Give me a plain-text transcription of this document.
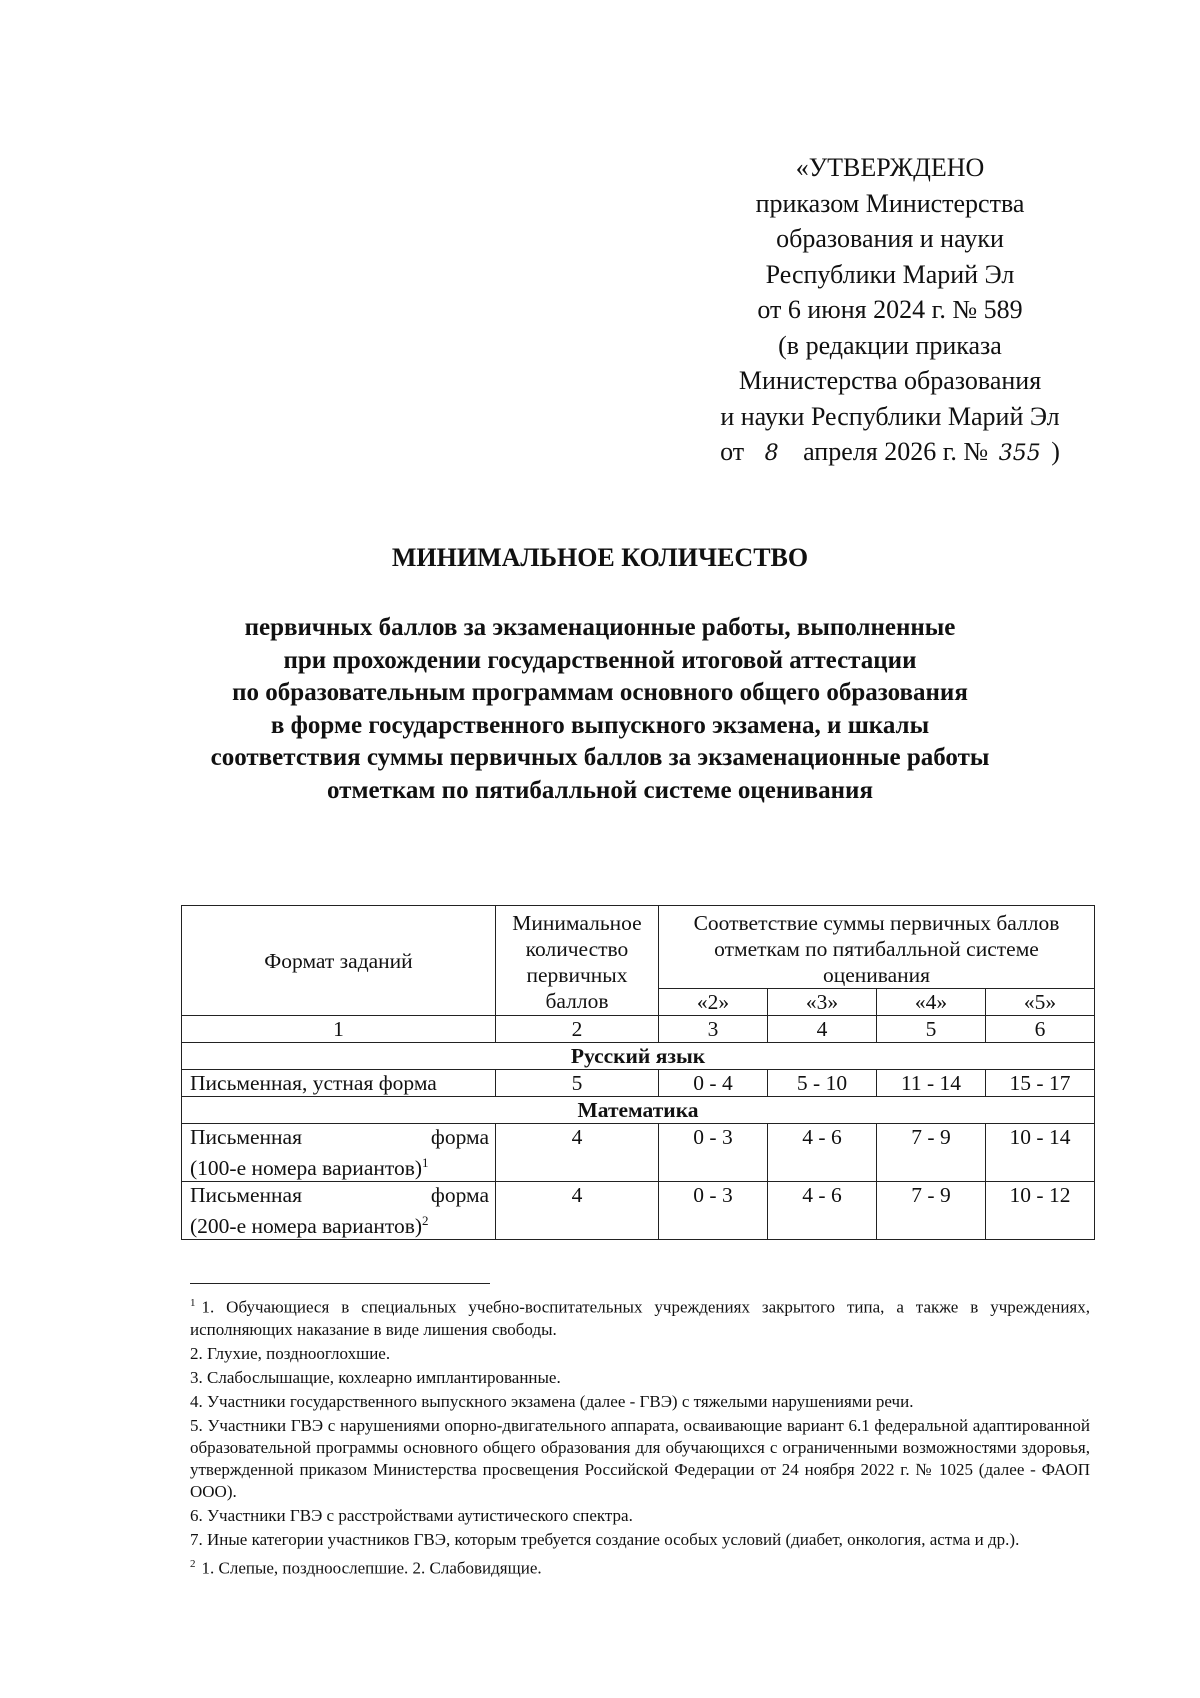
«УТВЕРЖДЕНО
приказом Министерства
образования и науки
Республики Марий Эл
от 6 июня 2024 г. № 589
(в редакции приказа
Министерства образования
и науки Республики Марий Эл
от 8 апреля 2026 г. № 355 )
МИНИМАЛЬНОЕ КОЛИЧЕСТВО
первичных баллов за экзаменационные работы, выполненные
при прохождении государственной итоговой аттестации
по образовательным программам основного общего образования
в форме государственного выпускного экзамена, и шкалы
соответствия суммы первичных баллов за экзаменационные работы
отметкам по пятибалльной системе оценивания
Формат заданий	Минимальное количество первичных баллов	Соответствие суммы первичных баллов отметкам по пятибалльной системе оценивания			
		«2»	«3»	«4»	«5»
1	2	3	4	5	6
Русский язык					
Письменная, устная форма	5	0 - 4	5 - 10	11 - 14	15 - 17
Математика					

Письменная форма
(100-е номера вариантов)$^1$	4	0 - 3	4 - 6	7 - 9	10 - 14

Письменная форма
(200-е номера вариантов)$^2$	4	0 - 3	4 - 6	7 - 9	10 - 12

$^1$ 1. Обучающиеся в специальных учебно-воспитательных учреждениях закрытого типа, а также в учреждениях, исполняющих наказание в виде лишения свободы.

2. Глухие, позднооглохшие.

3. Слабослышащие, кохлеарно имплантированные.

4. Участники государственного выпускного экзамена (далее - ГВЭ) с тяжелыми нарушениями речи.

5. Участники ГВЭ с нарушениями опорно-двигательного аппарата, осваивающие вариант 6.1 федеральной адаптированной образовательной программы основного общего образования для обучающихся с ограниченными возможностями здоровья, утвержденной приказом Министерства просвещения Российской Федерации от 24 ноября 2022 г. № 1025 (далее - ФАОП ООО).

6. Участники ГВЭ с расстройствами аутистического спектра.

7. Иные категории участников ГВЭ, которым требуется создание особых условий (диабет, онкология, астма и др.).

$^2$ 1. Слепые, поздноослепшие. 2. Слабовидящие.
